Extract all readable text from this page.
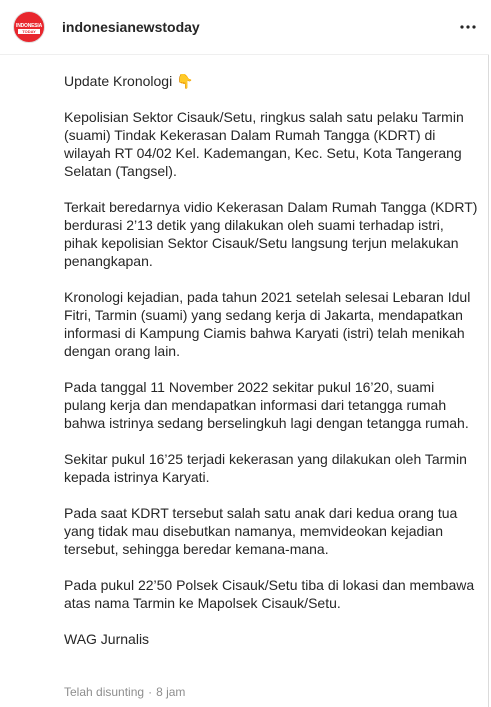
Update Kronologi 👇

Kepolisian Sektor Cisauk/Setu, ringkus salah satu pelaku Tarmin (suami) Tindak Kekerasan Dalam Rumah Tangga (KDRT) di wilayah RT 04/02 Kel. Kademangan, Kec. Setu, Kota Tangerang Selatan (Tangsel).

Terkait beredarnya vidio Kekerasan Dalam Rumah Tangga (KDRT) berdurasi 2’13 detik yang dilakukan oleh suami terhadap istri, pihak kepolisian Sektor Cisauk/Setu langsung terjun melakukan penangkapan.

Kronologi kejadian, pada tahun 2021 setelah selesai Lebaran Idul Fitri, Tarmin (suami) yang sedang kerja di Jakarta, mendapatkan informasi di Kampung Ciamis bahwa Karyati (istri) telah menikah dengan orang lain.

Pada tanggal 11 November 2022 sekitar pukul 16’20, suami pulang kerja dan mendapatkan informasi dari tetangga rumah bahwa istrinya sedang berselingkuh lagi dengan tetangga rumah.

Sekitar pukul 16’25 terjadi kekerasan yang dilakukan oleh Tarmin kepada istrinya Karyati.

Pada saat KDRT tersebut salah satu anak dari kedua orang tua yang tidak mau disebutkan namanya, memvideokan kejadian tersebut, sehingga beredar kemana-mana.

Pada pukul 22’50 Polsek Cisauk/Setu tiba di lokasi dan membawa atas nama Tarmin ke Mapolsek Cisauk/Setu.

WAG Jurnalis

INDONESIA
TODAY	indonesianewstoday
Telah disunting · 8 jam
